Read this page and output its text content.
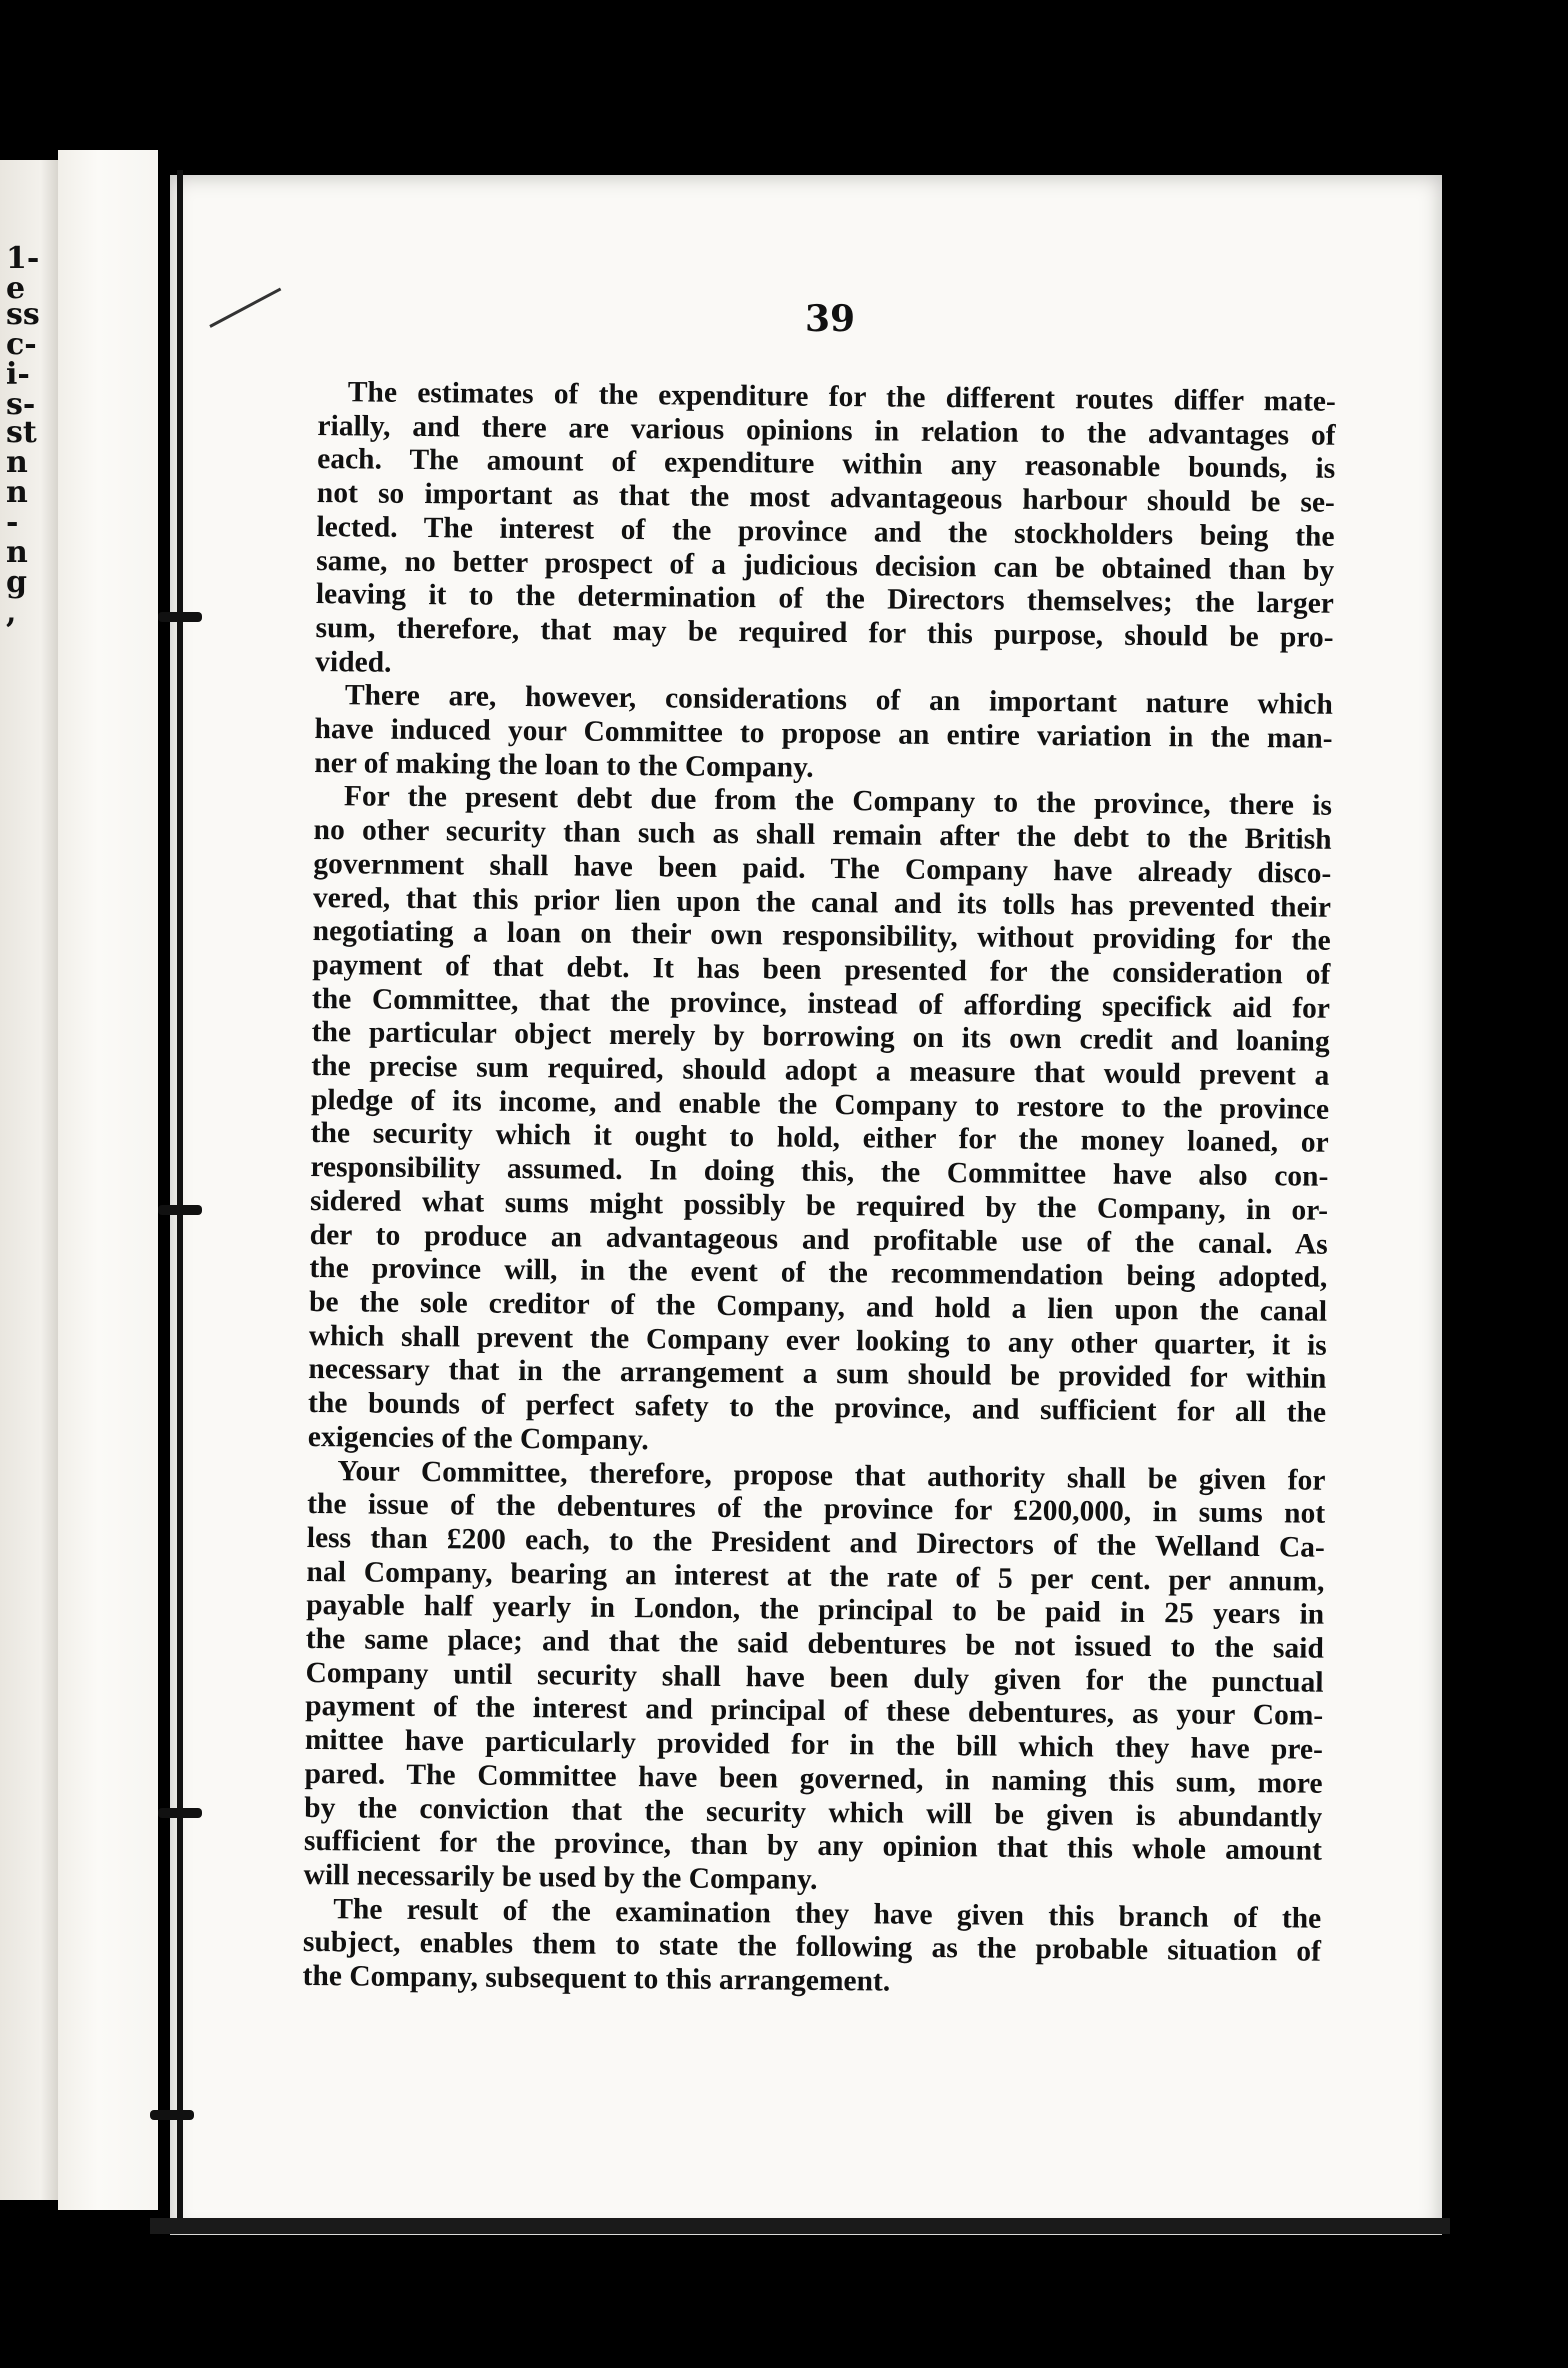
1-
e
ss
c-
i-
s-
st
n
n
-
n
g
,
39
The estimates of the expenditure for the different routes differ mate-
rially, and there are various opinions in relation to the advantages of
each. The amount of expenditure within any reasonable bounds, is
not so important as that the most advantageous harbour should be se-
lected. The interest of the province and the stockholders being the
same, no better prospect of a judicious decision can be obtained than by
leaving it to the determination of the Directors themselves; the larger
sum, therefore, that may be required for this purpose, should be pro-
vided.
There are, however, considerations of an important nature which
have induced your Committee to propose an entire variation in the man-
ner of making the loan to the Company.
For the present debt due from the Company to the province, there is
no other security than such as shall remain after the debt to the British
government shall have been paid. The Company have already disco-
vered, that this prior lien upon the canal and its tolls has prevented their
negotiating a loan on their own responsibility, without providing for the
payment of that debt. It has been presented for the consideration of
the Committee, that the province, instead of affording specifick aid for
the particular object merely by borrowing on its own credit and loaning
the precise sum required, should adopt a measure that would prevent a
pledge of its income, and enable the Company to restore to the province
the security which it ought to hold, either for the money loaned, or
responsibility assumed. In doing this, the Committee have also con-
sidered what sums might possibly be required by the Company, in or-
der to produce an advantageous and profitable use of the canal. As
the province will, in the event of the recommendation being adopted,
be the sole creditor of the Company, and hold a lien upon the canal
which shall prevent the Company ever looking to any other quarter, it is
necessary that in the arrangement a sum should be provided for within
the bounds of perfect safety to the province, and sufficient for all the
exigencies of the Company.
Your Committee, therefore, propose that authority shall be given for
the issue of the debentures of the province for £200,000, in sums not
less than £200 each, to the President and Directors of the Welland Ca-
nal Company, bearing an interest at the rate of 5 per cent. per annum,
payable half yearly in London, the principal to be paid in 25 years in
the same place; and that the said debentures be not issued to the said
Company until security shall have been duly given for the punctual
payment of the interest and principal of these debentures, as your Com-
mittee have particularly provided for in the bill which they have pre-
pared. The Committee have been governed, in naming this sum, more
by the conviction that the security which will be given is abundantly
sufficient for the province, than by any opinion that this whole amount
will necessarily be used by the Company.
The result of the examination they have given this branch of the
subject, enables them to state the following as the probable situation of
the Company, subsequent to this arrangement.
